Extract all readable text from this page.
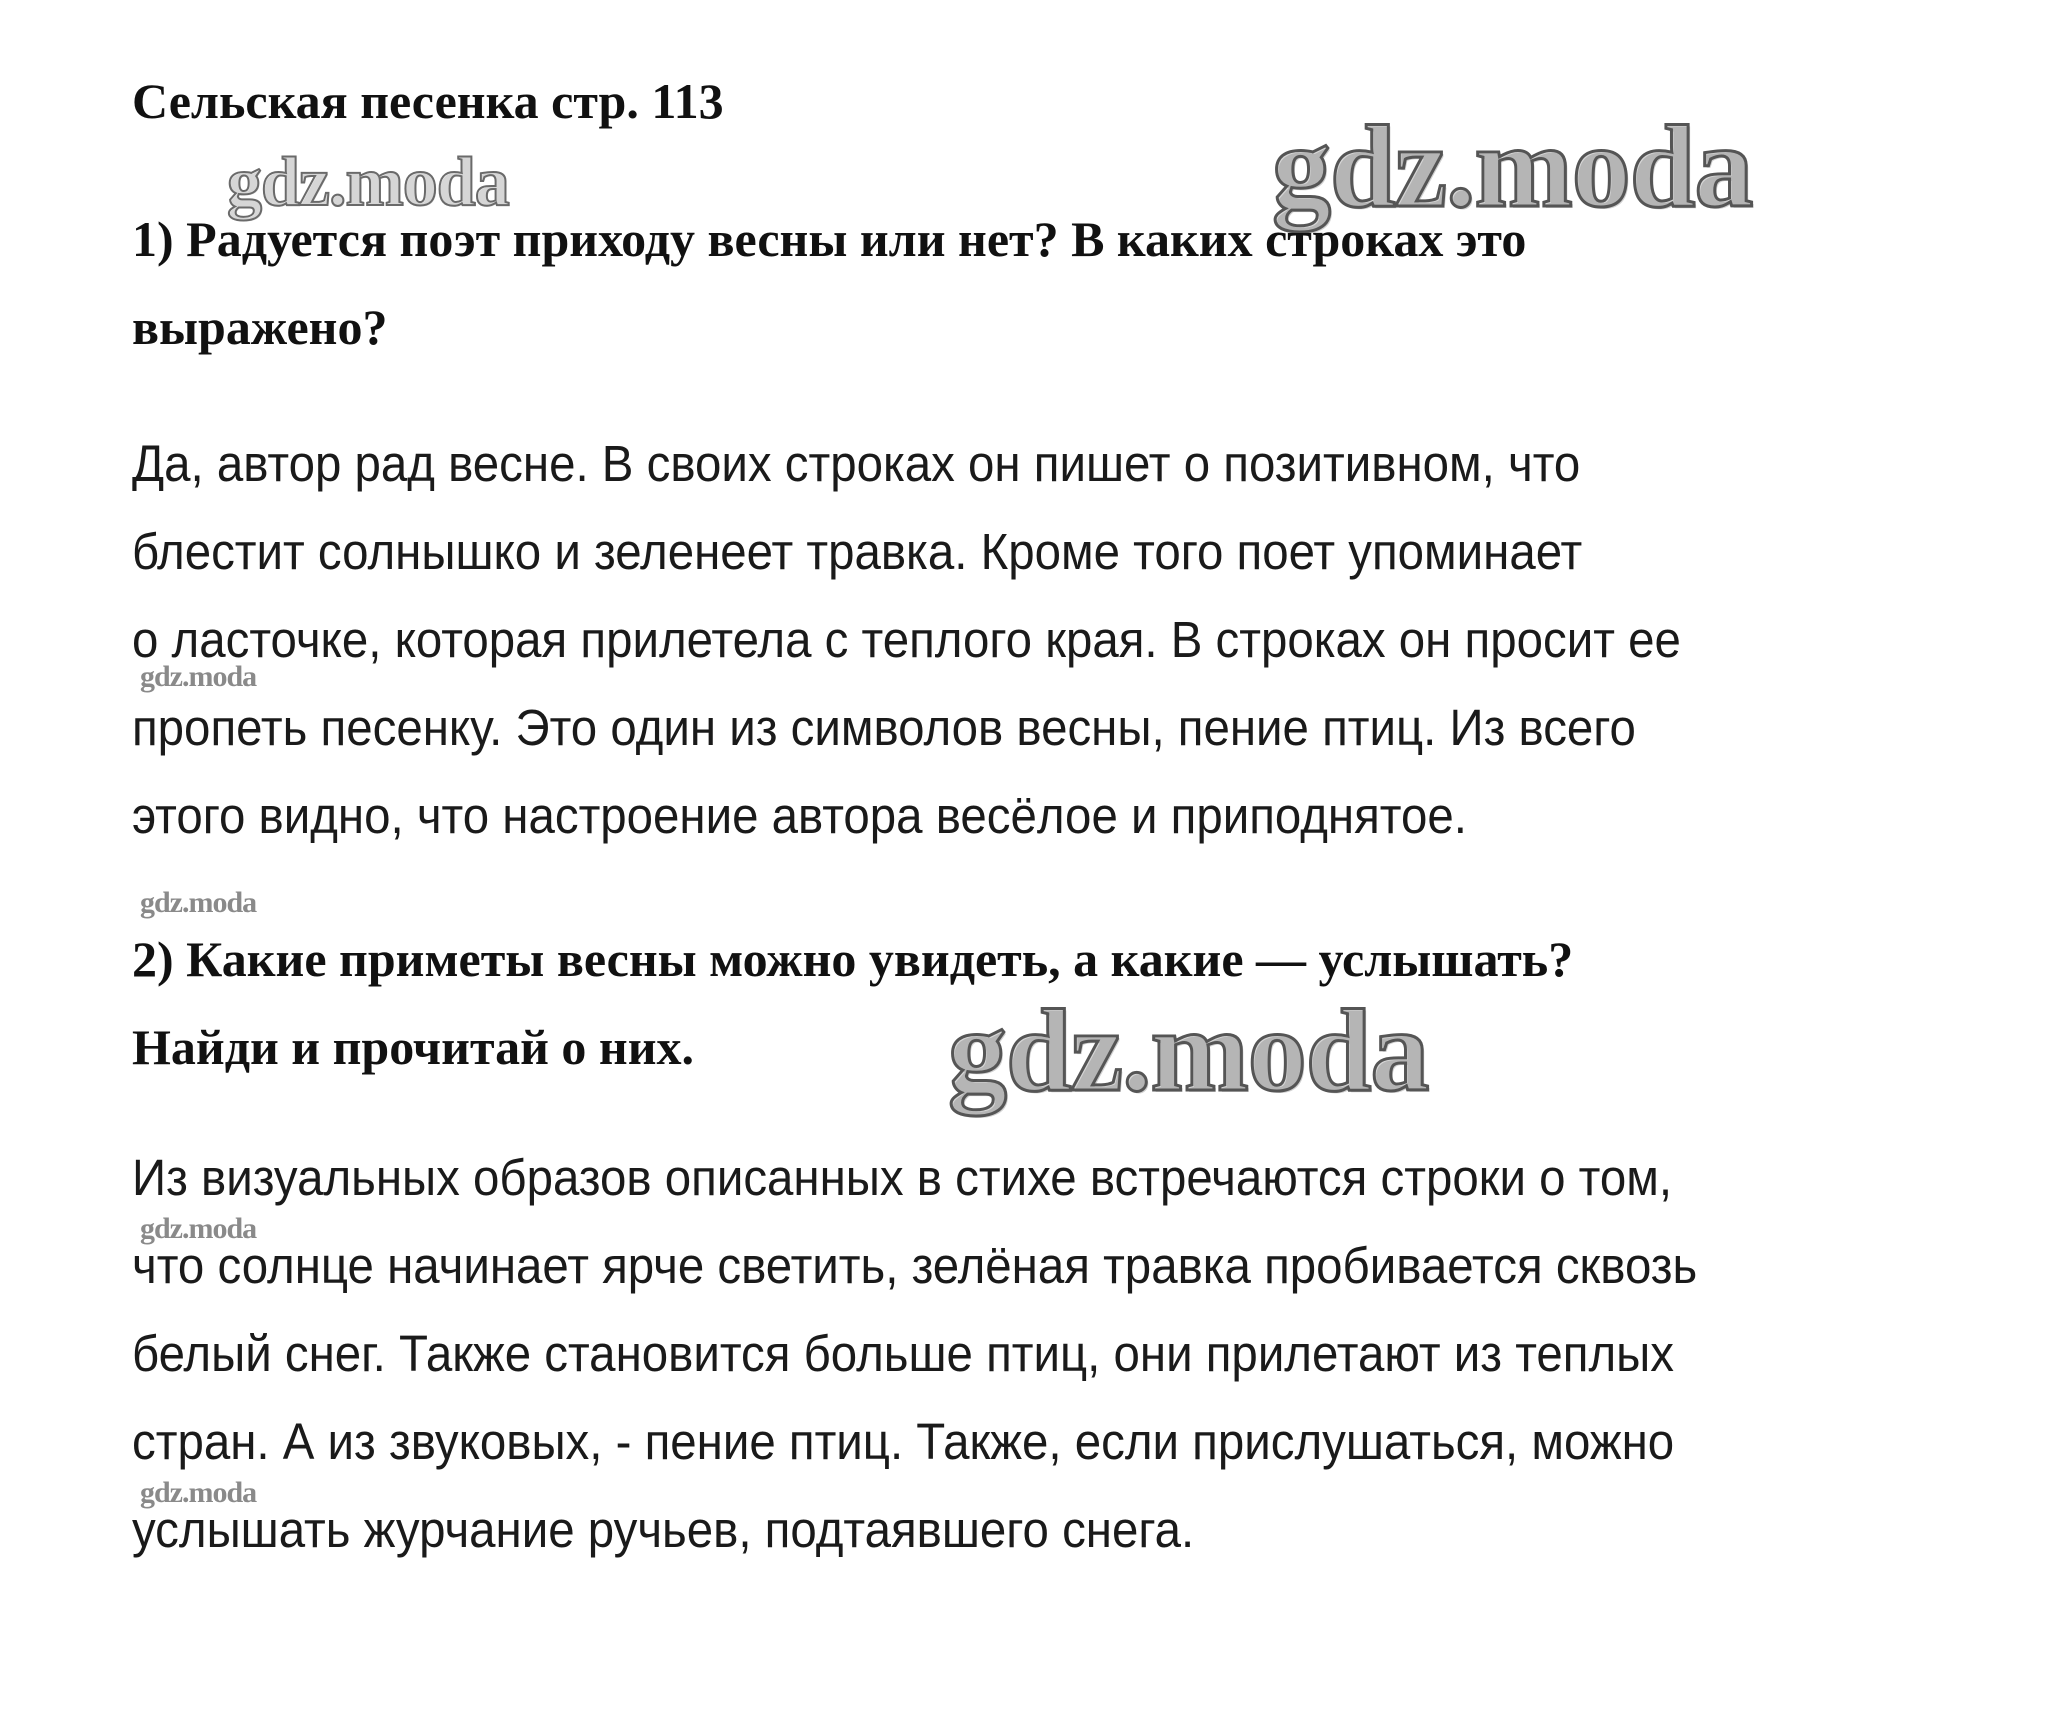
gdz.moda
gdz.moda
gdz.moda
gdz.moda
gdz.moda
gdz.moda
gdz.moda
Сельская песенка стр. 113
1) Радуется поэт приходу весны или нет? В каких строках это
выражено?
Да, автор рад весне. В своих строках он пишет о позитивном, что
блестит солнышко и зеленеет травка. Кроме того поет упоминает
о ласточке, которая прилетела с теплого края. В строках он просит ее
пропеть песенку. Это один из символов весны, пение птиц. Из всего
этого видно, что настроение автора весёлое и приподнятое.
2) Какие приметы весны можно увидеть, а какие — услышать?
Найди и прочитай о них.
Из визуальных образов описанных в стихе встречаются строки о том,
что солнце начинает ярче светить, зелёная травка пробивается сквозь
белый снег. Также становится больше птиц, они прилетают из теплых
стран. А из звуковых, - пение птиц. Также, если прислушаться, можно
услышать журчание ручьев, подтаявшего снега.
